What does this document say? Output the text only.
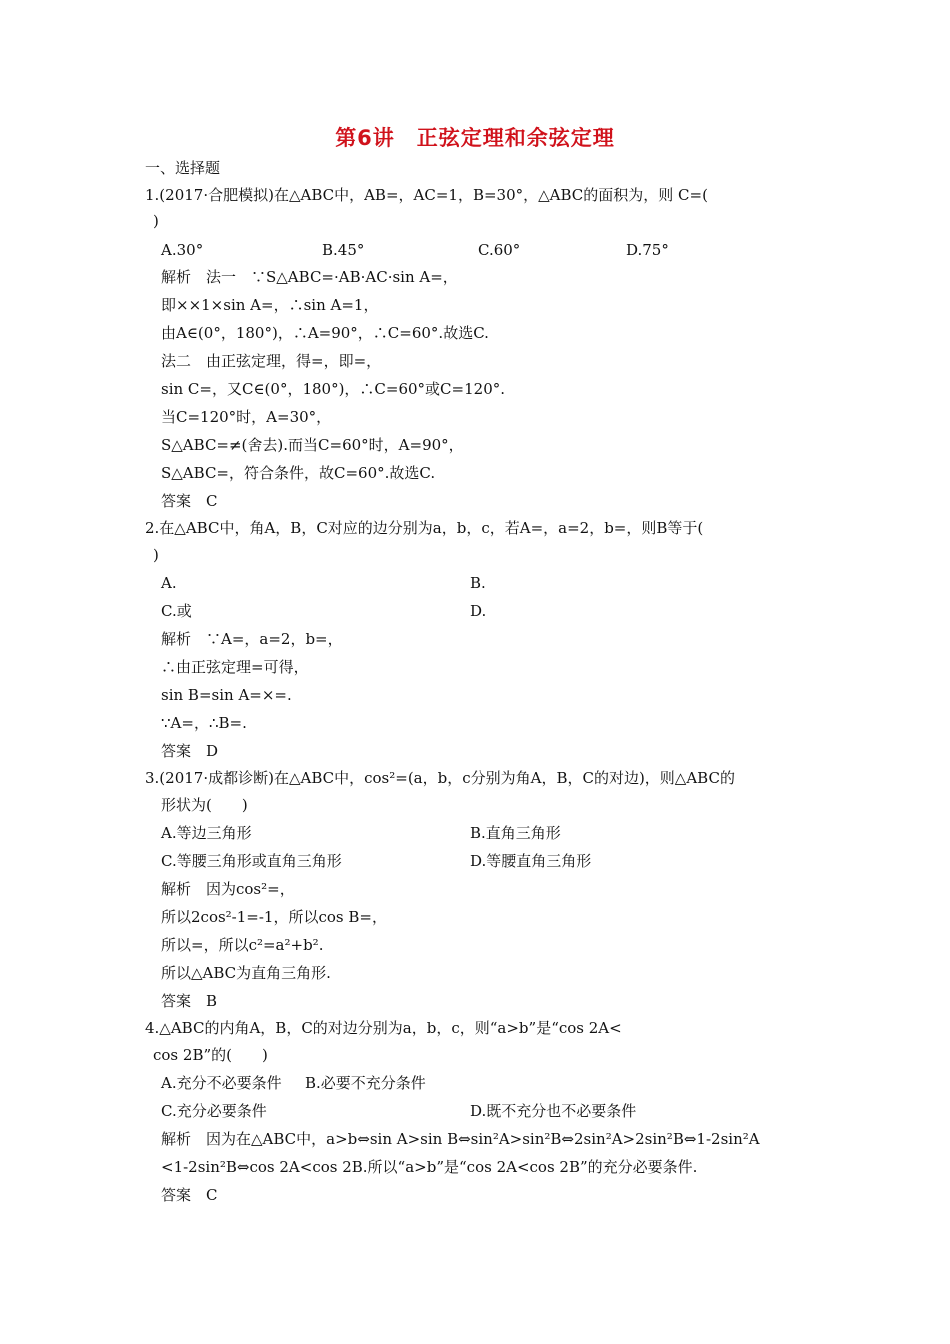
第6讲　正弦定理和余弦定理
一、选择题
1.(2017·合肥模拟)在△ABC中，AB=，AC=1，B=30°，△ABC的面积为，则 C=(
)
A.30°	B.45°	C.60°	D.75°
解析　法一　∵S△ABC=·AB·AC·sin A=，
即××1×sin A=，∴sin A=1，
由A∈(0°，180°)，∴A=90°，∴C=60°.故选C.
法二　由正弦定理，得=，即=，
sin C=，又C∈(0°，180°)，∴C=60°或C=120°.
当C=120°时，A=30°，
S△ABC=≠(舍去).而当C=60°时，A=90°，
S△ABC=，符合条件，故C=60°.故选C.
答案　C
2.在△ABC中，角A，B，C对应的边分别为a，b，c，若A=，a=2，b=，则B等于(
)
A.	B.
C.或	D.
解析　∵A=，a=2，b=，
∴由正弦定理=可得，
sin B=sin A=×=.
∵A=，∴B=.
答案　D
3.(2017·成都诊断)在△ABC中，cos²=(a，b，c分别为角A，B，C的对边)，则△ABC的
形状为(　　)
A.等边三角形	B.直角三角形
C.等腰三角形或直角三角形	D.等腰直角三角形
解析　因为cos²=，
所以2cos²-1=-1，所以cos B=，
所以=，所以c²=a²+b².
所以△ABC为直角三角形.
答案　B
4.△ABC的内角A，B，C的对边分别为a，b，c，则“a>b”是“cos 2A<
cos 2B”的(　　)
A.充分不必要条件 B.必要不充分条件
C.充分必要条件	D.既不充分也不必要条件
解析　因为在△ABC中，a>b⇔sin A>sin B⇔sin²A>sin²B⇔2sin²A>2sin²B⇔1-2sin²A
<1-2sin²B⇔cos 2A<cos 2B.所以“a>b”是“cos 2A<cos 2B”的充分必要条件.
答案　C
